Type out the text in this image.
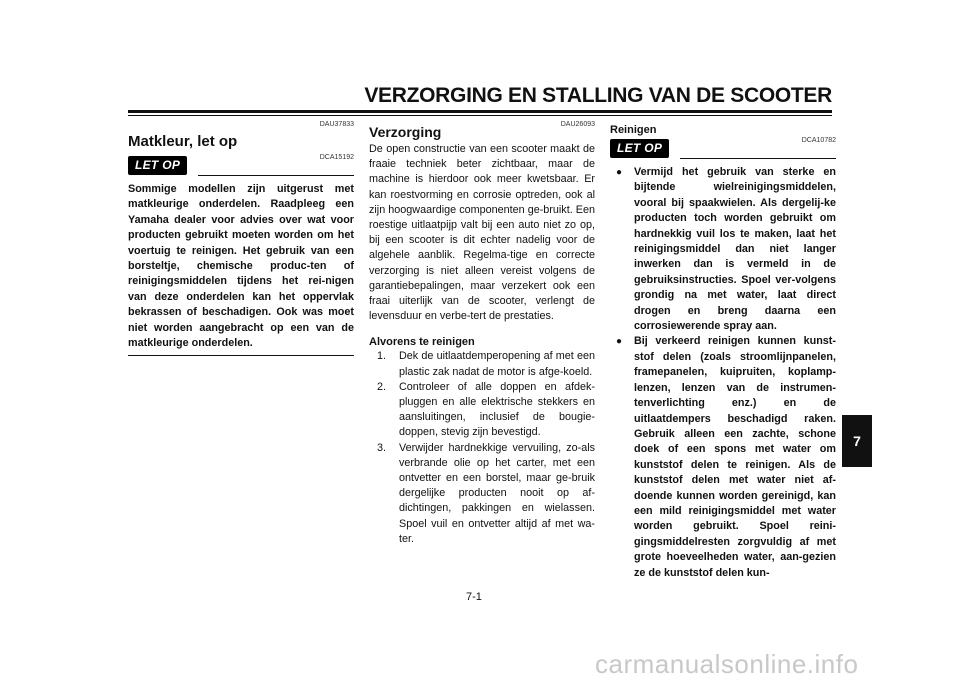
VERZORGING EN STALLING VAN DE SCOOTER
DAU37833
Matkleur, let op
LET OP
DCA15192

Sommige modellen zijn uitgerust met matkleurige onderdelen. Raadpleeg een Yamaha dealer voor advies over wat voor producten gebruikt moeten worden om het voertuig te reinigen. Het gebruik van een borsteltje, chemische produc-ten of reinigingsmiddelen tijdens het rei-nigen van deze onderdelen kan het oppervlak bekrassen of beschadigen. Ook was moet niet worden aangebracht op een van de matkleurige onderdelen.

DAU26093
Verzorging

De open constructie van een scooter maakt de fraaie techniek beter zichtbaar, maar de machine is hierdoor ook meer kwetsbaar. Er kan roestvorming en corrosie optreden, ook al zijn hoogwaardige componenten ge-bruikt. Een roestige uitlaatpijp valt bij een auto niet zo op, bij een scooter is dit echter nadelig voor de algehele aanblik. Regelma-tige en correcte verzorging is niet alleen vereist volgens de garantiebepalingen, maar verzekert ook een fraai uiterlijk van de scooter, verlengt de levensduur en verbe-tert de prestaties.

Alvorens te reinigen
1. Dek de uitlaatdemperopening af met een plastic zak nadat de motor is afge-koeld.
2. Controleer of alle doppen en afdek-pluggen en alle elektrische stekkers en aansluitingen, inclusief de bougie-doppen, stevig zijn bevestigd.
3. Verwijder hardnekkige vervuiling, zo-als verbrande olie op het carter, met een ontvetter en een borstel, maar ge-bruik dergelijke producten nooit op af-dichtingen, pakkingen en wielassen. Spoel vuil en ontvetter altijd af met wa-ter.
Reinigen
LET OP
DCA10782
● Vermijd het gebruik van sterke en bijtende wielreinigingsmiddelen, vooral bij spaakwielen. Als dergelij-ke producten toch worden gebruikt om hardnekkig vuil los te maken, laat het reinigingsmiddel dan niet langer inwerken dan is vermeld in de gebruiksinstructies. Spoel ver-volgens grondig na met water, laat direct drogen en breng daarna een corrosiewerende spray aan.
● Bij verkeerd reinigen kunnen kunst-stof delen (zoals stroomlijnpanelen, framepanelen, kuipruiten, koplamp-lenzen, lenzen van de instrumen-tenverlichting enz.) en de uitlaatdempers beschadigd raken. Gebruik alleen een zachte, schone doek of een spons met water om kunststof delen te reinigen. Als de kunststof delen met water niet af-doende kunnen worden gereinigd, kan een mild reinigingsmiddel met water worden gebruikt. Spoel reini-gingsmiddelresten zorgvuldig af met grote hoeveelheden water, aan-gezien ze de kunststof delen kun-
7
7-1
carmanualsonline.info
